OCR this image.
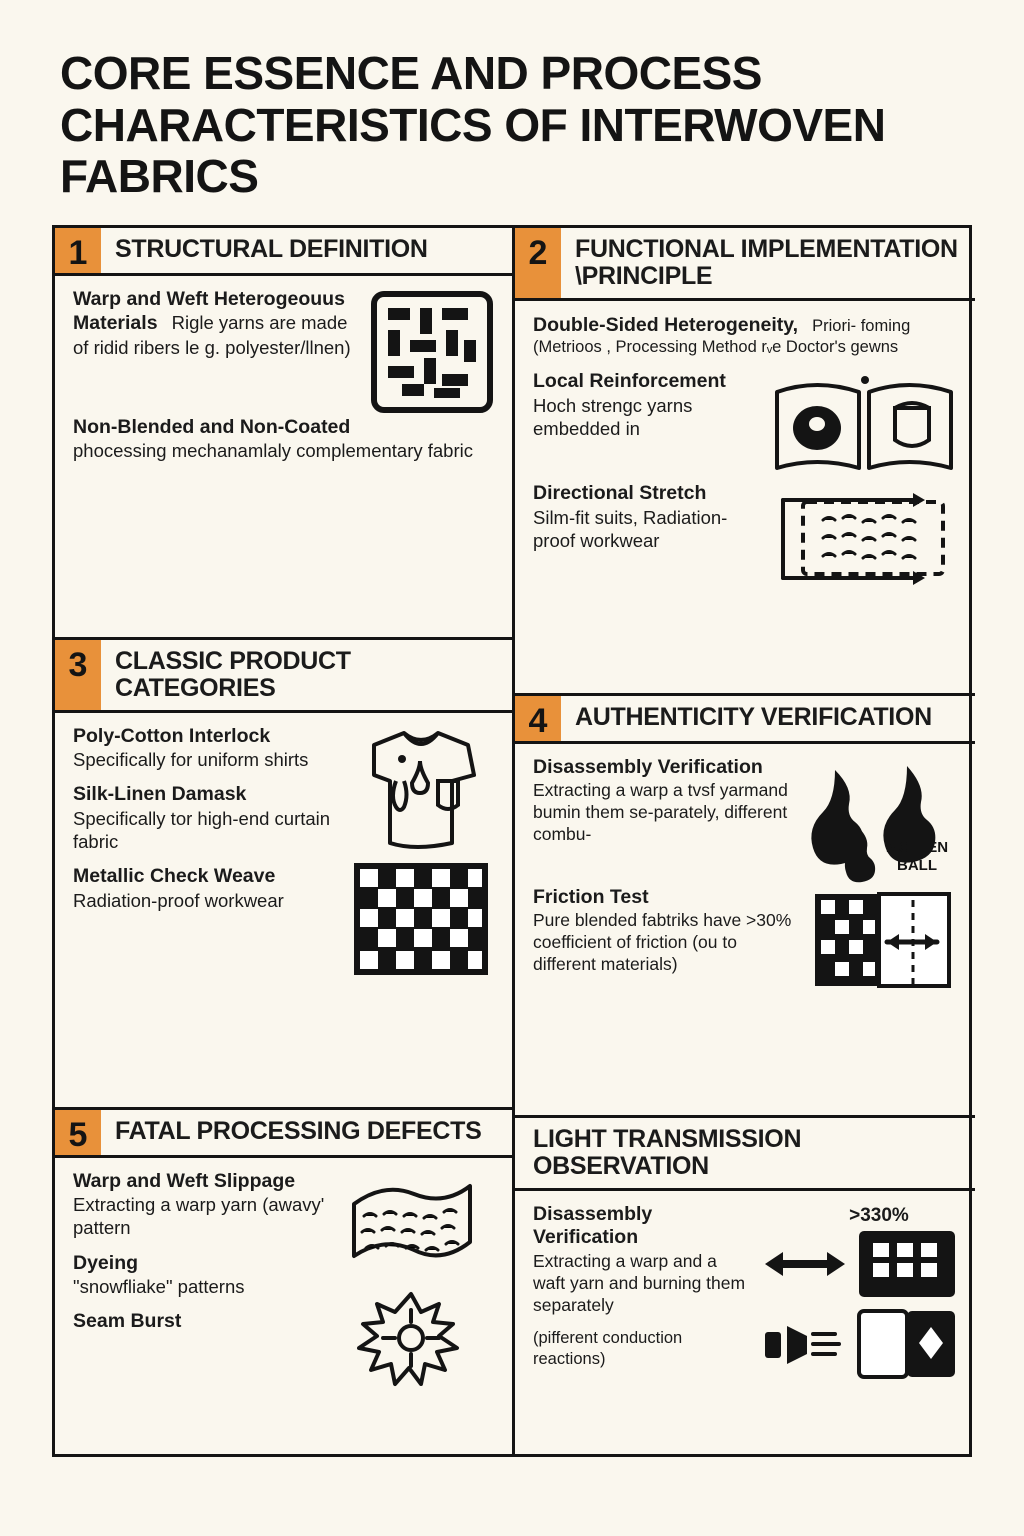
CORE ESSENCE AND PROCESS CHARACTERISTICS OF INTERWOVEN FABRICS
1	STRUCTURAL DEFINITION
Warp and Weft Heterogeouus Materials Rigle yarns are made of ridid ribers le g. polyester/llnen)
Non-Blended and Non-Coated
phocessing mechanamlaly complementary fabric
3	CLASSIC PRODUCT CATEGORIES
Poly-Cotton Interlock
Specifically for uniform shirts
Silk-Linen Damask
Specifically tor high-end curtain fabric
Metallic Check Weave
Radiation-proof workwear
5	FATAL PROCESSING DEFECTS
Warp and Weft Slippage
Extracting a warp yarn (awavy' pattern
Dyeing
"snowfliake" patterns
Seam Burst
2	FUNCTIONAL IMPLEMENTATION \PRINCIPLE
Double-Sided Heterogeneity, Priori- foming (Metrioos , Processing Method rᵥe Doctor's gewns
Local Reinforcement
Hoch strengc yarns embedded in
Directional Stretch
Silm-fit suits, Radiation-proof workwear
4	AUTHENTICITY VERIFICATION
Disassembly Verification
Extracting a warp a tvsf yarmand bumin them se-parately, different combu-
MOLTEN
BALL
Friction Test
Pure blended fabtriks have >30% coefficient of friction (ou to different materials)
LIGHT TRANSMISSION OBSERVATION
Disassembly Verification
Extracting a warp and a waft yarn and burning them separately
(pifferent conduction reactions)
>330%
